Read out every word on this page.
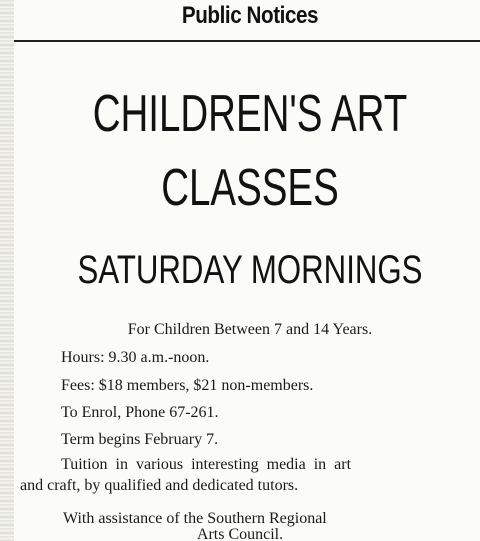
Public Notices
CHILDREN'S ART
CLASSES
SATURDAY MORNINGS
For Children Between 7 and 14 Years.
Hours: 9.30 a.m.-noon.
Fees: $18 members, $21 non-members.
To Enrol, Phone 67-261.
Term begins February 7.
Tuition in various interesting media in art
and craft, by qualified and dedicated tutors.
With assistance of the Southern Regional
Arts Council.
